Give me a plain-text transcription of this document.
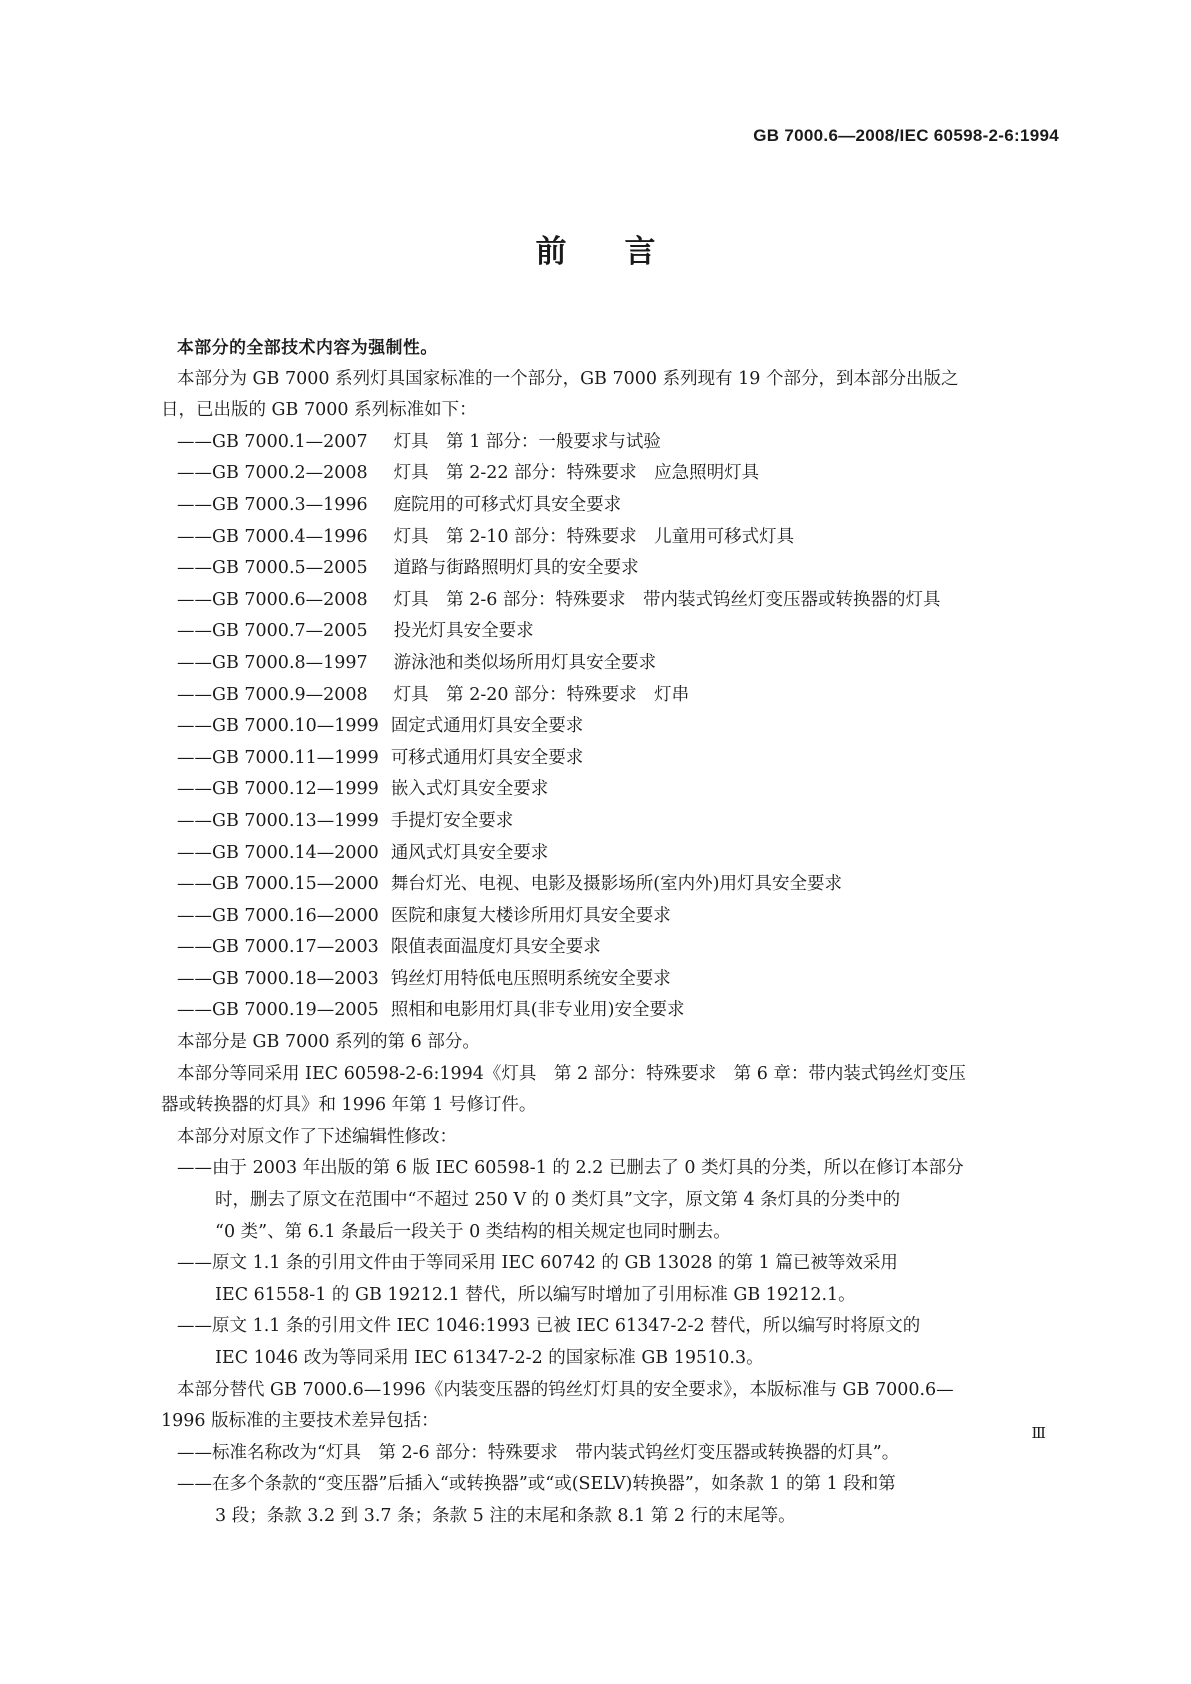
GB 7000.6—2008/IEC 60598-2-6:1994
前 言
本部分的全部技术内容为强制性。
本部分为 GB 7000 系列灯具国家标准的一个部分，GB 7000 系列现有 19 个部分，到本部分出版之
日，已出版的 GB 7000 系列标准如下：
——GB 7000.1—2007 灯具　第 1 部分：一般要求与试验
——GB 7000.2—2008 灯具　第 2-22 部分：特殊要求　应急照明灯具
——GB 7000.3—1996 庭院用的可移式灯具安全要求
——GB 7000.4—1996 灯具　第 2-10 部分：特殊要求　儿童用可移式灯具
——GB 7000.5—2005 道路与街路照明灯具的安全要求
——GB 7000.6—2008 灯具　第 2-6 部分：特殊要求　带内装式钨丝灯变压器或转换器的灯具
——GB 7000.7—2005 投光灯具安全要求
——GB 7000.8—1997 游泳池和类似场所用灯具安全要求
——GB 7000.9—2008 灯具　第 2-20 部分：特殊要求　灯串
——GB 7000.10—1999 固定式通用灯具安全要求
——GB 7000.11—1999 可移式通用灯具安全要求
——GB 7000.12—1999 嵌入式灯具安全要求
——GB 7000.13—1999 手提灯安全要求
——GB 7000.14—2000 通风式灯具安全要求
——GB 7000.15—2000 舞台灯光、电视、电影及摄影场所(室内外)用灯具安全要求
——GB 7000.16—2000 医院和康复大楼诊所用灯具安全要求
——GB 7000.17—2003 限值表面温度灯具安全要求
——GB 7000.18—2003 钨丝灯用特低电压照明系统安全要求
——GB 7000.19—2005 照相和电影用灯具(非专业用)安全要求
本部分是 GB 7000 系列的第 6 部分。
本部分等同采用 IEC 60598-2-6:1994《灯具　第 2 部分：特殊要求　第 6 章：带内装式钨丝灯变压
器或转换器的灯具》和 1996 年第 1 号修订件。
本部分对原文作了下述编辑性修改：
——由于 2003 年出版的第 6 版 IEC 60598-1 的 2.2 已删去了 0 类灯具的分类，所以在修订本部分
时，删去了原文在范围中“不超过 250 V 的 0 类灯具”文字，原文第 4 条灯具的分类中的
“0 类”、第 6.1 条最后一段关于 0 类结构的相关规定也同时删去。
——原文 1.1 条的引用文件由于等同采用 IEC 60742 的 GB 13028 的第 1 篇已被等效采用
IEC 61558-1 的 GB 19212.1 替代，所以编写时增加了引用标准 GB 19212.1。
——原文 1.1 条的引用文件 IEC 1046:1993 已被 IEC 61347-2-2 替代，所以编写时将原文的
IEC 1046 改为等同采用 IEC 61347-2-2 的国家标准 GB 19510.3。
本部分替代 GB 7000.6—1996《内装变压器的钨丝灯灯具的安全要求》，本版标准与 GB 7000.6—
1996 版标准的主要技术差异包括：
——标准名称改为“灯具　第 2-6 部分：特殊要求　带内装式钨丝灯变压器或转换器的灯具”。
——在多个条款的“变压器”后插入“或转换器”或“或(SELV)转换器”，如条款 1 的第 1 段和第
3 段；条款 3.2 到 3.7 条；条款 5 注的末尾和条款 8.1 第 2 行的末尾等。
Ⅲ
